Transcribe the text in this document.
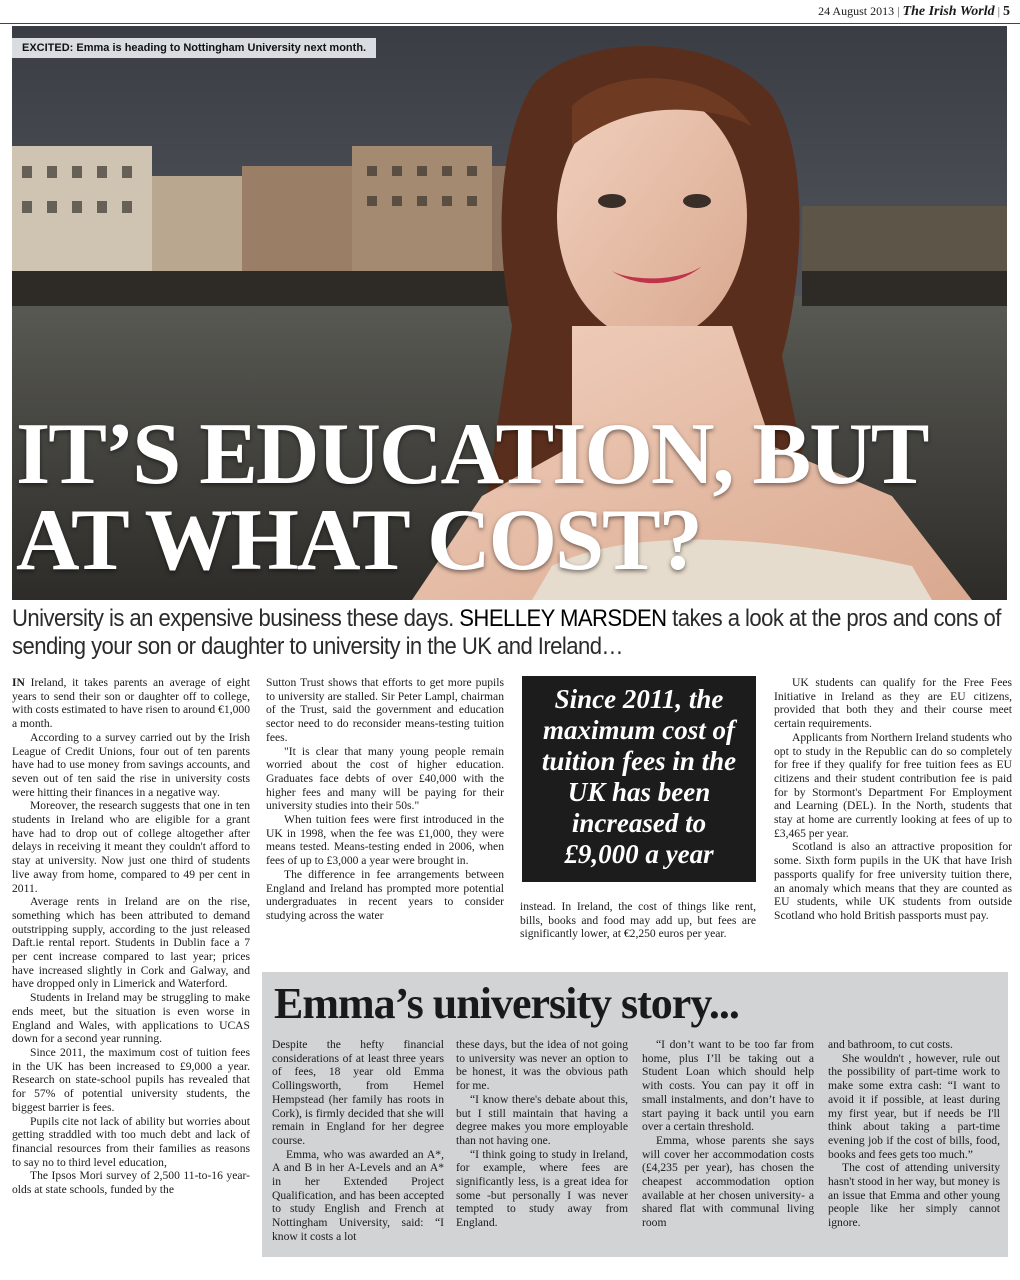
24 August 2013 | The Irish World | 5
EXCITED: Emma is heading to Nottingham University next month.
IT’S EDUCATION, BUT
AT WHAT COST?
University is an expensive business these days. SHELLEY MARSDEN takes a look at the pros and cons of sending your son or daughter to university in the UK and Ireland…

IN Ireland, it takes parents an average of eight years to send their son or daughter off to college, with costs estimated to have risen to around €1,000 a month.

According to a survey carried out by the Irish League of Credit Unions, four out of ten parents have had to use money from savings accounts, and seven out of ten said the rise in university costs were hitting their finances in a negative way.

Moreover, the research suggests that one in ten students in Ireland who are eligible for a grant have had to drop out of college altogether after delays in receiving it meant they couldn't afford to stay at university. Now just one third of students live away from home, compared to 49 per cent in 2011.

Average rents in Ireland are on the rise, something which has been attributed to demand outstripping supply, according to the just released Daft.ie rental report. Students in Dublin face a 7 per cent increase compared to last year; prices have increased slightly in Cork and Galway, and have dropped only in Limerick and Waterford.

Students in Ireland may be struggling to make ends meet, but the situation is even worse in England and Wales, with applications to UCAS down for a second year running.

Since 2011, the maximum cost of tuition fees in the UK has been increased to £9,000 a year. Research on state-school pupils has revealed that for 57% of potential university students, the biggest barrier is fees.

Pupils cite not lack of ability but worries about getting straddled with too much debt and lack of financial resources from their families as reasons to say no to third level education,

The Ipsos Mori survey of 2,500 11-to-16 year-olds at state schools, funded by the

Sutton Trust shows that efforts to get more pupils to university are stalled. Sir Peter Lampl, chairman of the Trust, said the government and education sector need to do reconsider means-testing tuition fees.

"It is clear that many young people remain worried about the cost of higher education. Graduates face debts of over £40,000 with the higher fees and many will be paying for their university studies into their 50s."

When tuition fees were first introduced in the UK in 1998, when the fee was £1,000, they were means tested. Means-testing ended in 2006, when fees of up to £3,000 a year were brought in.

The difference in fee arrangements between England and Ireland has prompted more potential undergraduates in recent years to consider studying across the water

Since 2011, the
maximum cost of
tuition fees in the
UK has been
increased to
£9,000 a year

instead. In Ireland, the cost of things like rent, bills, books and food may add up, but fees are significantly lower, at €2,250 euros per year.

UK students can qualify for the Free Fees Initiative in Ireland as they are EU citizens, provided that both they and their course meet certain requirements.

Applicants from Northern Ireland students who opt to study in the Republic can do so completely for free if they qualify for free tuition fees as EU citizens and their student contribution fee is paid for by Stormont's Department For Employment and Learning (DEL). In the North, students that stay at home are currently looking at fees of up to £3,465 per year.

Scotland is also an attractive proposition for some. Sixth form pupils in the UK that have Irish passports qualify for free university tuition there, an anomaly which means that they are counted as EU students, while UK students from outside Scotland who hold British passports must pay.

Emma’s university story...

Despite the hefty financial considerations of at least three years of fees, 18 year old Emma Collingsworth, from Hemel Hempstead (her family has roots in Cork), is firmly decided that she will remain in England for her degree course.

Emma, who was awarded an A*, A and B in her A-Levels and an A* in her Extended Project Qualification, and has been accepted to study English and French at Nottingham University, said: “I know it costs a lot

these days, but the idea of not going to university was never an option to be honest, it was the obvious path for me.

“I know there's debate about this, but I still maintain that having a degree makes you more employable than not having one.

“I think going to study in Ireland, for example, where fees are significantly less, is a great idea for some -but personally I was never tempted to study away from England.

“I don’t want to be too far from home, plus I’ll be taking out a Student Loan which should help with costs. You can pay it off in small instalments, and don’t have to start paying it back until you earn over a certain threshold.

Emma, whose parents she says will cover her accommodation costs (£4,235 per year), has chosen the cheapest accommodation option available at her chosen university- a shared flat with communal living room

and bathroom, to cut costs.

She wouldn't , however, rule out the possibility of part-time work to make some extra cash: “I want to avoid it if possible, at least during my first year, but if needs be I'll think about taking a part-time evening job if the cost of bills, food, books and fees gets too much.”

The cost of attending university hasn't stood in her way, but money is an issue that Emma and other young people like her simply cannot ignore.
